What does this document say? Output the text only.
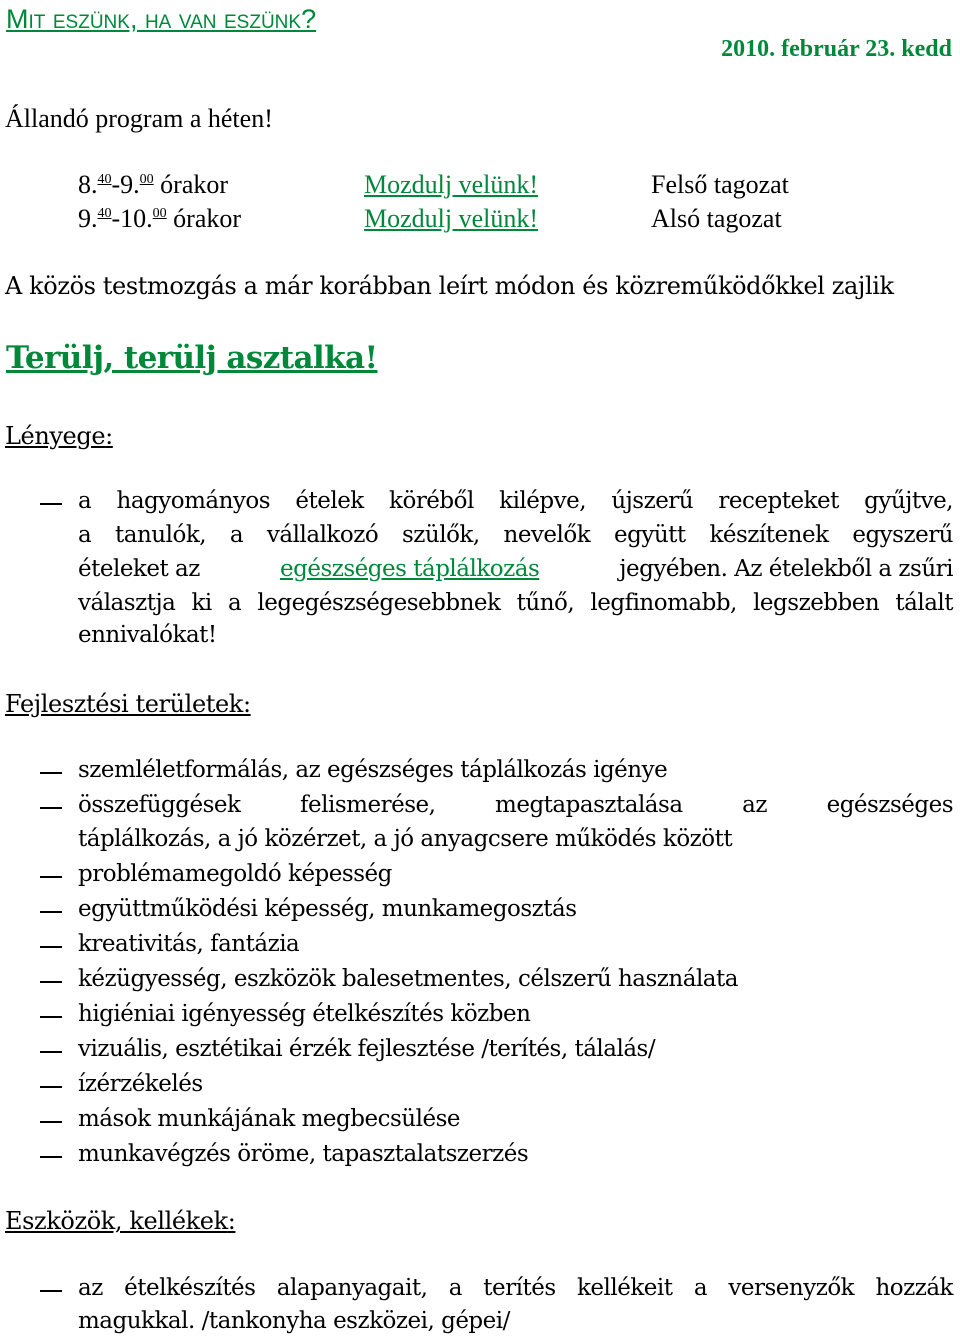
Mit eszünk, ha van eszünk?
2010. február 23. kedd
Állandó program a héten!
8.40-9.00 órakor	Mozdulj velünk!	Felső tagozat
9.40-10.00 órakor	Mozdulj velünk!	Alsó tagozat
A közös testmozgás a már korábban leírt módon és közreműködőkkel zajlik
Terülj, terülj asztalka!
Lényege:
a hagyományos ételek köréből kilépve, újszerű recepteket gyűjtve,
a tanulók, a vállalkozó szülők, nevelők együtt készítenek egyszerű
ételeket az	egészséges táplálkozás	jegyében. Az ételekből a zsűri
választja ki a legegészségesebbnek tűnő, legfinomabb, legszebben tálalt
ennivalókat!
Fejlesztési területek:
szemléletformálás, az egészséges táplálkozás igénye
összefüggések felismerése, megtapasztalása az egészséges
táplálkozás, a jó közérzet, a jó anyagcsere működés között
problémamegoldó képesség
együttműködési képesség, munkamegosztás
kreativitás, fantázia
kézügyesség, eszközök balesetmentes, célszerű használata
higiéniai igényesség ételkészítés közben
vizuális, esztétikai érzék fejlesztése /terítés, tálalás/
ízérzékelés
mások munkájának megbecsülése
munkavégzés öröme, tapasztalatszerzés
Eszközök, kellékek:
az ételkészítés alapanyagait, a terítés kellékeit a versenyzők hozzák
magukkal. /tankonyha eszközei, gépei/
